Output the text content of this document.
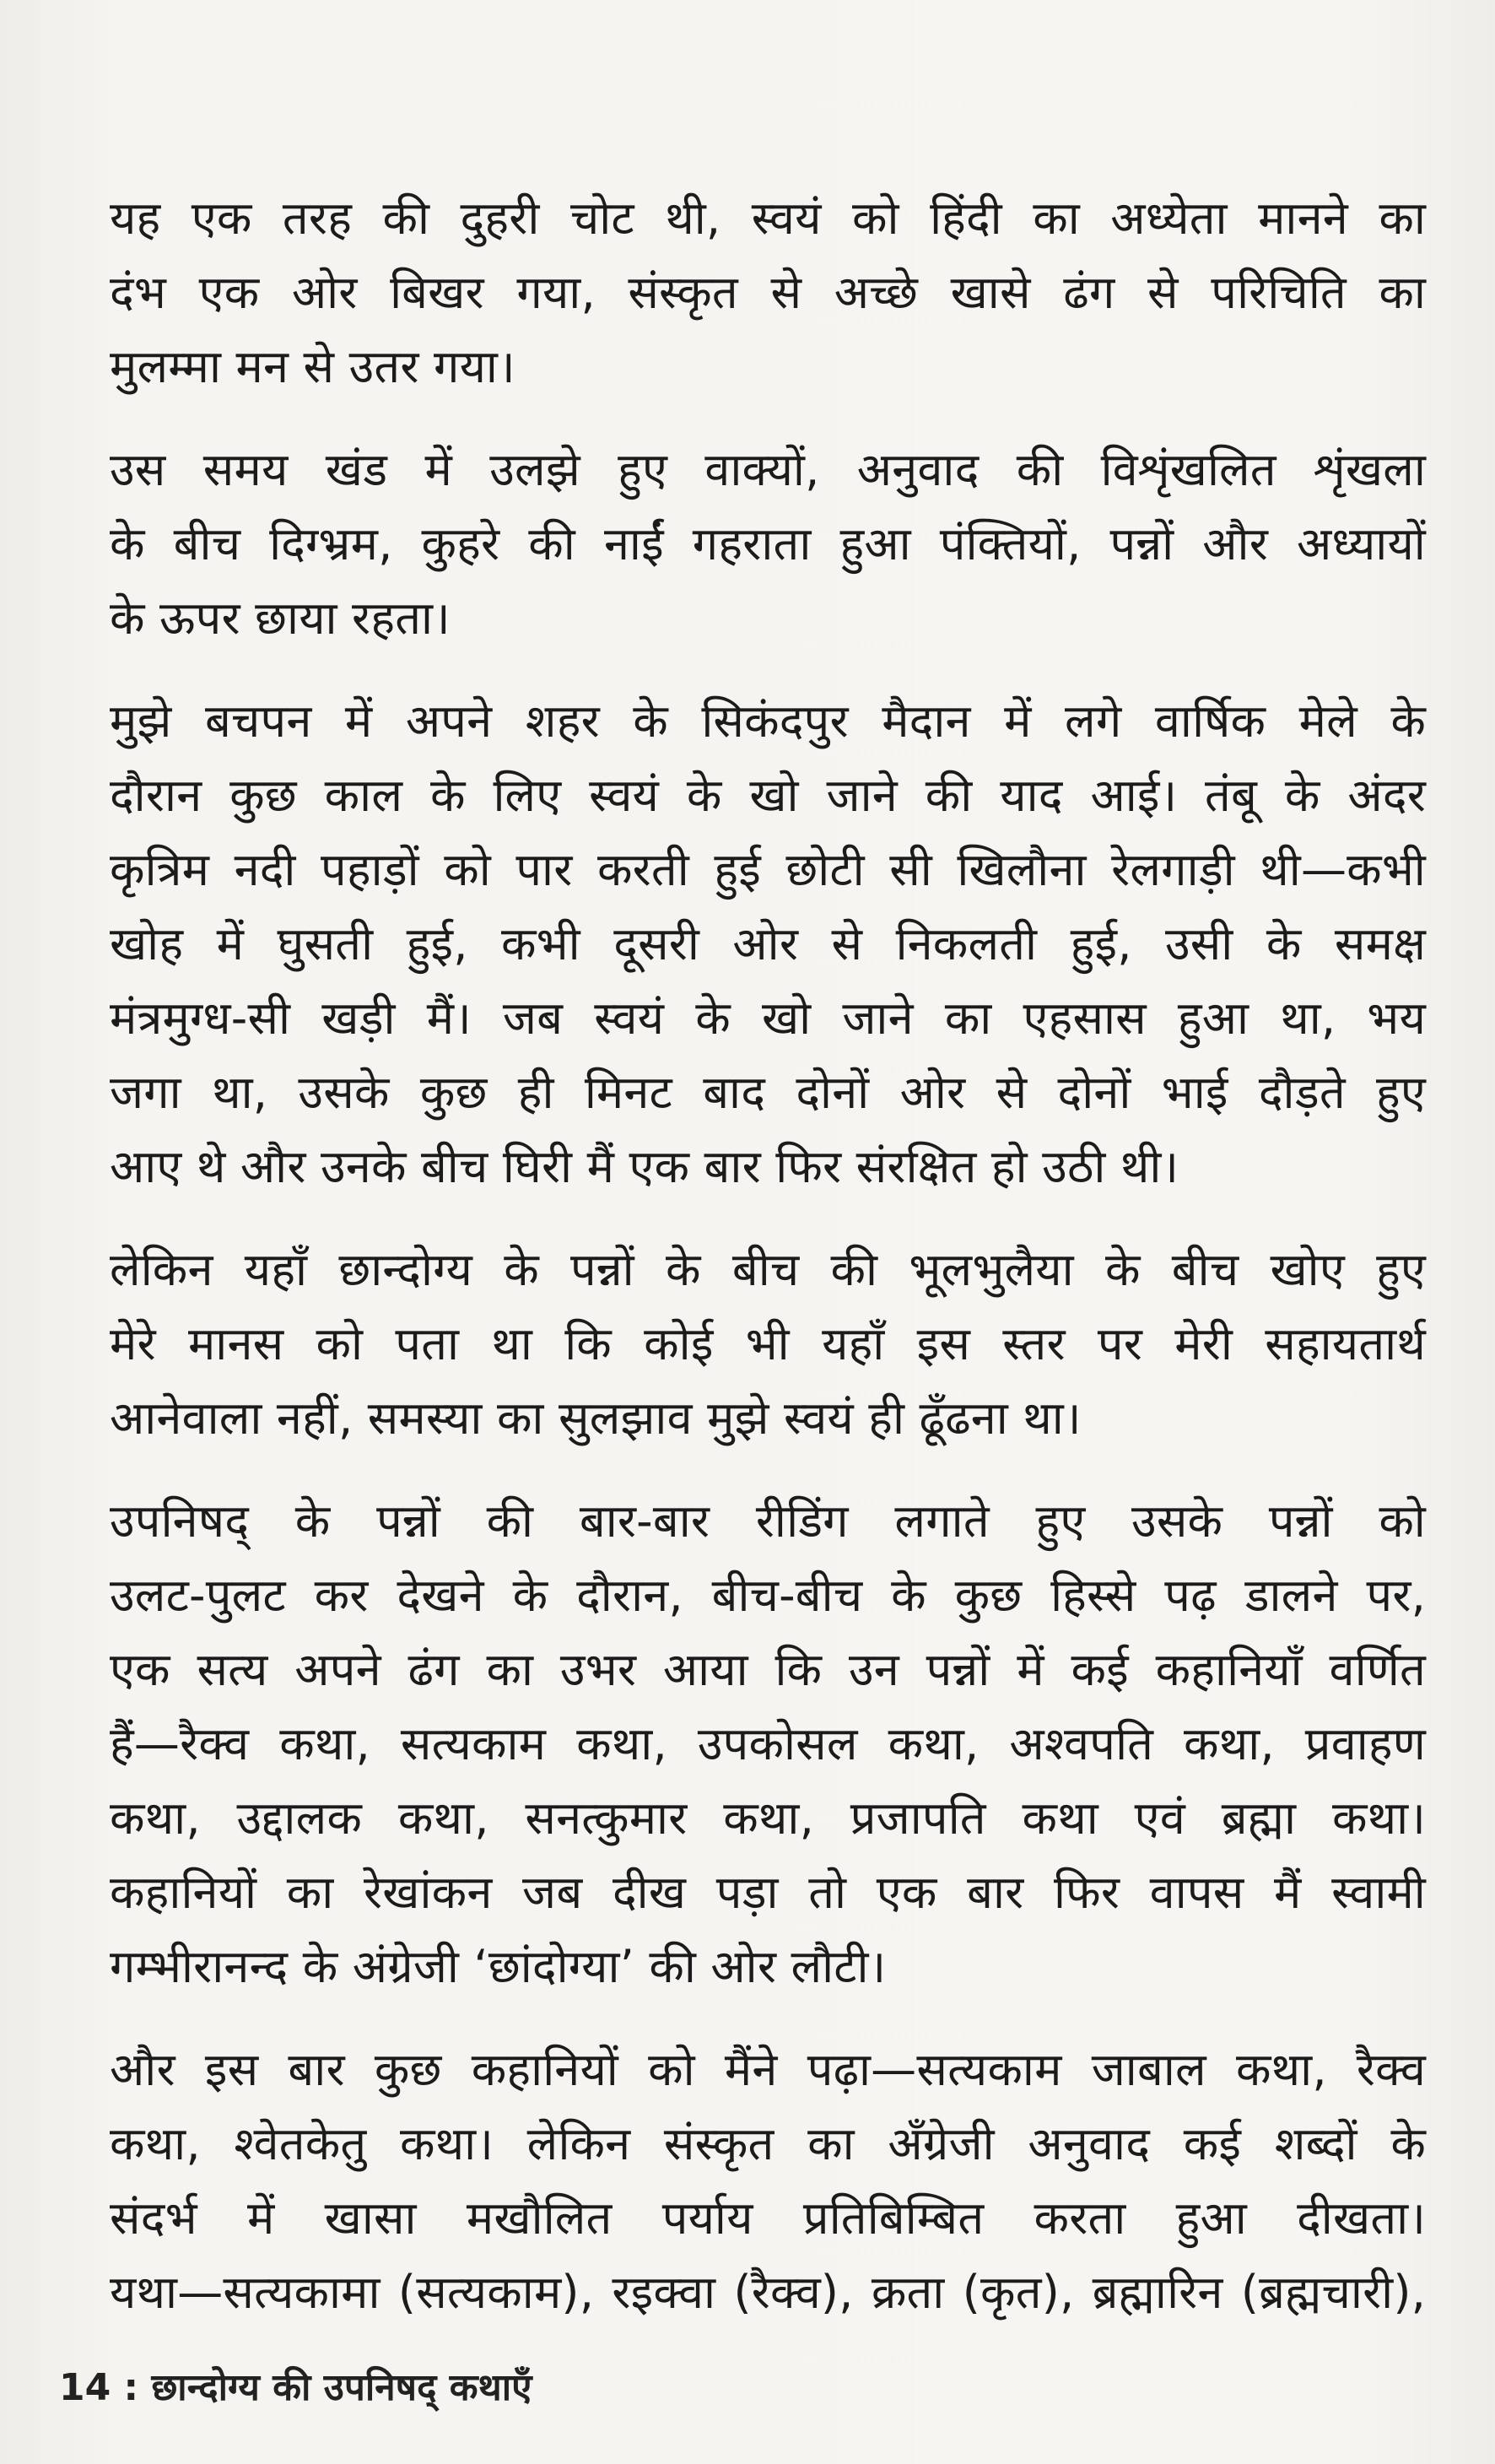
यह एक तरह की दुहरी चोट थी, स्वयं को हिंदी का अध्येता मानने का
दंभ एक ओर बिखर गया, संस्कृत से अच्छे खासे ढंग से परिचिति का
मुलम्मा मन से उतर गया।
उस समय खंड में उलझे हुए वाक्यों, अनुवाद की विशृंखलित शृंखला
के बीच दिग्भ्रम, कुहरे की नाईं गहराता हुआ पंक्तियों, पन्नों और अध्यायों
के ऊपर छाया रहता।
मुझे बचपन में अपने शहर के सिकंदपुर मैदान में लगे वार्षिक मेले के
दौरान कुछ काल के लिए स्वयं के खो जाने की याद आई। तंबू के अंदर
कृत्रिम नदी पहाड़ों को पार करती हुई छोटी सी खिलौना रेलगाड़ी थी—कभी
खोह में घुसती हुई, कभी दूसरी ओर से निकलती हुई, उसी के समक्ष
मंत्रमुग्ध-सी खड़ी मैं। जब स्वयं के खो जाने का एहसास हुआ था, भय
जगा था, उसके कुछ ही मिनट बाद दोनों ओर से दोनों भाई दौड़ते हुए
आए थे और उनके बीच घिरी मैं एक बार फिर संरक्षित हो उठी थी।
लेकिन यहाँ छान्दोग्य के पन्नों के बीच की भूलभुलैया के बीच खोए हुए
मेरे मानस को पता था कि कोई भी यहाँ इस स्तर पर मेरी सहायतार्थ
आनेवाला नहीं, समस्या का सुलझाव मुझे स्वयं ही ढूँढना था।
उपनिषद् के पन्नों की बार-बार रीडिंग लगाते हुए उसके पन्नों को
उलट-पुलट कर देखने के दौरान, बीच-बीच के कुछ हिस्से पढ़ डालने पर,
एक सत्य अपने ढंग का उभर आया कि उन पन्नों में कई कहानियाँ वर्णित
हैं—रैक्व कथा, सत्यकाम कथा, उपकोसल कथा, अश्वपति कथा, प्रवाहण
कथा, उद्दालक कथा, सनत्कुमार कथा, प्रजापति कथा एवं ब्रह्मा कथा।
कहानियों का रेखांकन जब दीख पड़ा तो एक बार फिर वापस मैं स्वामी
गम्भीरानन्द के अंग्रेजी ‘छांदोग्या’ की ओर लौटी।
और इस बार कुछ कहानियों को मैंने पढ़ा—सत्यकाम जाबाल कथा, रैक्व
कथा, श्वेतकेतु कथा। लेकिन संस्कृत का अँग्रेजी अनुवाद कई शब्दों के
संदर्भ में खासा मखौलित पर्याय प्रतिबिम्बित करता हुआ दीखता।
यथा—सत्यकामा (सत्यकाम), रइक्वा (रैक्व), क्रता (कृत), ब्रह्मारिन (ब्रह्मचारी),
14 : छान्दोग्य की उपनिषद् कथाएँ
